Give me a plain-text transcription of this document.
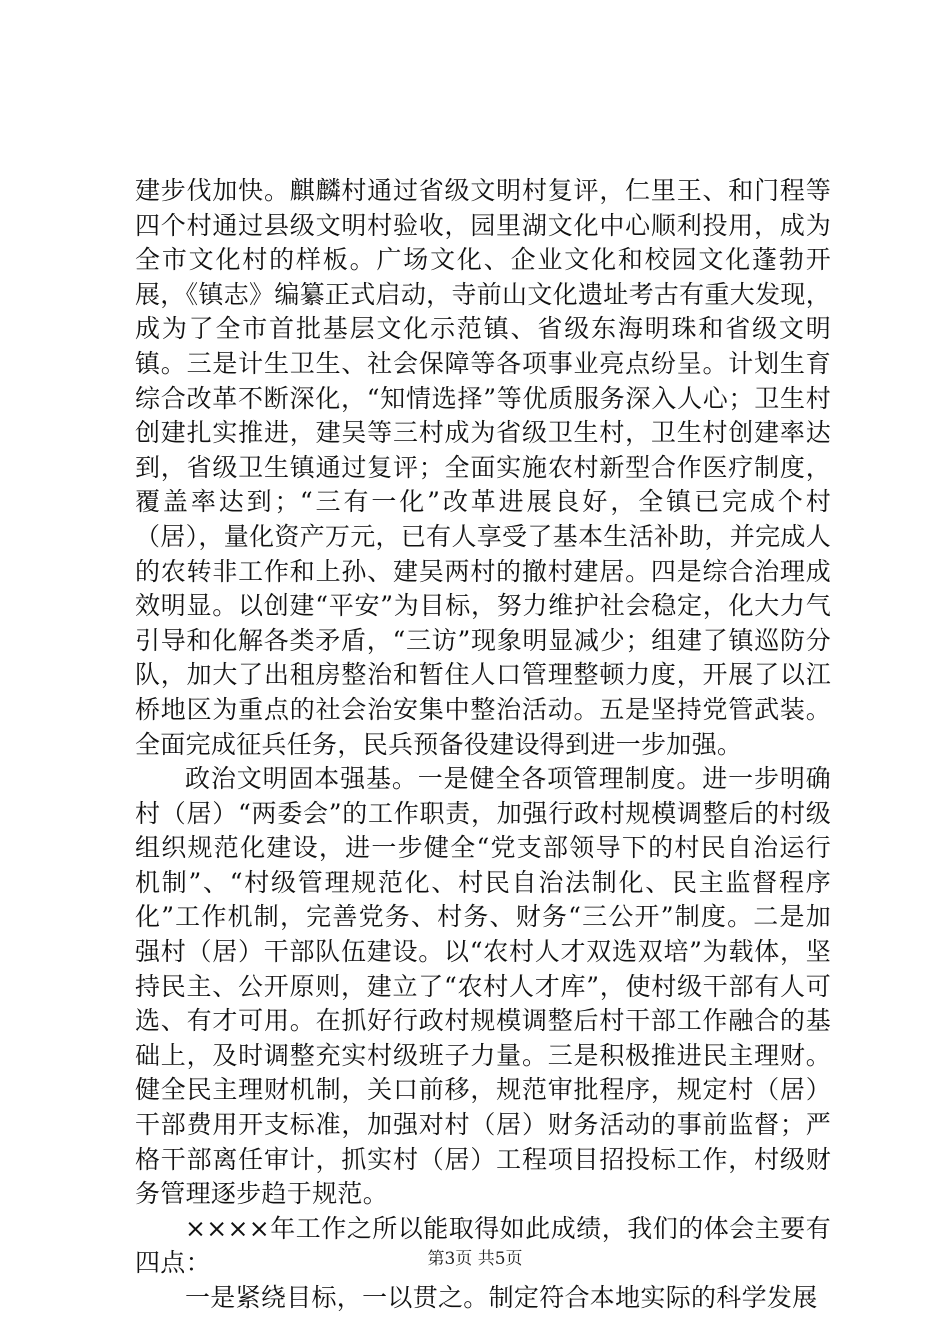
建步伐加快。麒麟村通过省级文明村复评，仁里王、和门程等四个村通过县级文明村验收，园里湖文化中心顺利投用，成为全市文化村的样板。广场文化、企业文化和校园文化蓬勃开展，《镇志》编纂正式启动，寺前山文化遗址考古有重大发现，成为了全市首批基层文化示范镇、省级东海明珠和省级文明镇。三是计生卫生、社会保障等各项事业亮点纷呈。计划生育综合改革不断深化，“知情选择”等优质服务深入人心；卫生村创建扎实推进，建吴等三村成为省级卫生村，卫生村创建率达到，省级卫生镇通过复评；全面实施农村新型合作医疗制度，覆盖率达到；“三有一化”改革进展良好，全镇已完成个村（居），量化资产万元，已有人享受了基本生活补助，并完成人的农转非工作和上孙、建吴两村的撤村建居。四是综合治理成效明显。以创建“平安”为目标，努力维护社会稳定，化大力气引导和化解各类矛盾，“三访”现象明显减少；组建了镇巡防分队，加大了出租房整治和暂住人口管理整顿力度，开展了以江桥地区为重点的社会治安集中整治活动。五是坚持党管武装。全面完成征兵任务，民兵预备役建设得到进一步加强。

政治文明固本强基。一是健全各项管理制度。进一步明确村（居）“两委会”的工作职责，加强行政村规模调整后的村级组织规范化建设，进一步健全“党支部领导下的村民自治运行机制”、“村级管理规范化、村民自治法制化、民主监督程序化”工作机制，完善党务、村务、财务“三公开”制度。二是加强村（居）干部队伍建设。以“农村人才双选双培”为载体，坚持民主、公开原则，建立了“农村人才库”，使村级干部有人可选、有才可用。在抓好行政村规模调整后村干部工作融合的基础上，及时调整充实村级班子力量。三是积极推进民主理财。健全民主理财机制，关口前移，规范审批程序，规定村（居）干部费用开支标准，加强对村（居）财务活动的事前监督；严格干部离任审计，抓实村（居）工程项目招投标工作，村级财务管理逐步趋于规范。

××××年工作之所以能取得如此成绩，我们的体会主要有四点：

一是紧绕目标，一以贯之。制定符合本地实际的科学发展

第3页 共5页
